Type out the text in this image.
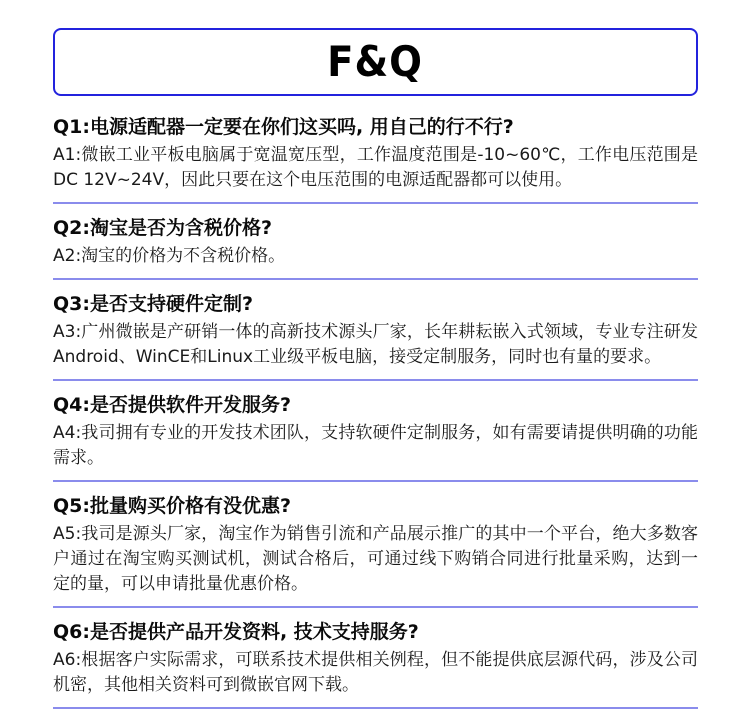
F&Q
Q1:电源适配器一定要在你们这买吗, 用自己的行不行?

A1:微嵌工业平板电脑属于宽温宽压型，工作温度范围是-10~60℃，工作电压范围是DC 12V~24V，因此只要在这个电压范围的电源适配器都可以使用。

Q2:淘宝是否为含税价格?

A2:淘宝的价格为不含税价格。

Q3:是否支持硬件定制?

A3:广州微嵌是产研销一体的高新技术源头厂家，长年耕耘嵌入式领域，专业专注研发Android、WinCE和Linux工业级平板电脑，接受定制服务，同时也有量的要求。

Q4:是否提供软件开发服务?

A4:我司拥有专业的开发技术团队，支持软硬件定制服务，如有需要请提供明确的功能需求。

Q5:批量购买价格有没优惠?

A5:我司是源头厂家，淘宝作为销售引流和产品展示推广的其中一个平台，绝大多数客户通过在淘宝购买测试机，测试合格后，可通过线下购销合同进行批量采购，达到一定的量，可以申请批量优惠价格。

Q6:是否提供产品开发资料, 技术支持服务?

A6:根据客户实际需求，可联系技术提供相关例程，但不能提供底层源代码，涉及公司机密，其他相关资料可到微嵌官网下载。
